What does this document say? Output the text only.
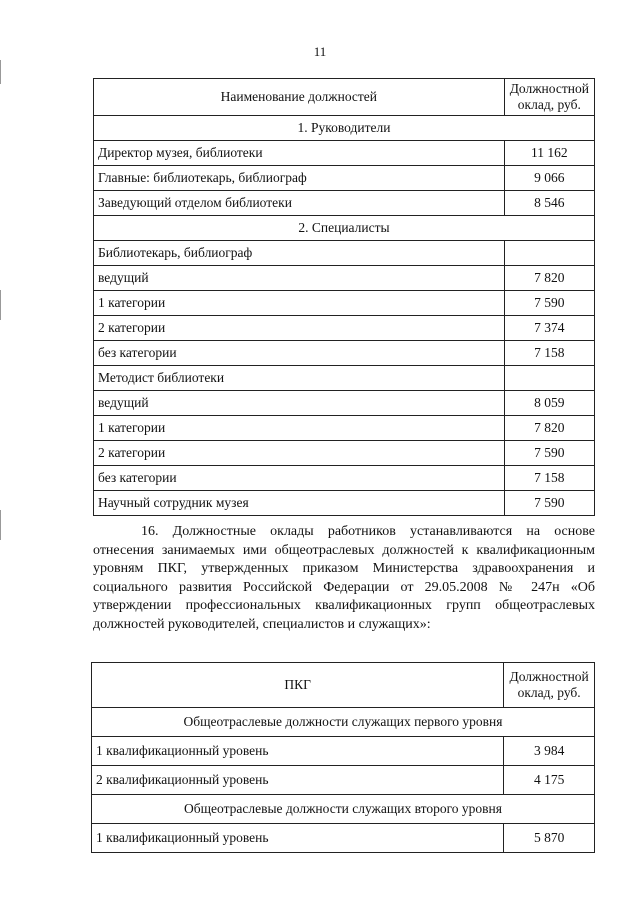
11
Наименование должностей	Должностной оклад, руб.
1. Руководители	
Директор музея, библиотеки	11 162
Главные: библиотекарь, библиограф	9 066
Заведующий отделом библиотеки	8 546
2. Специалисты	
Библиотекарь, библиограф	
ведущий	7 820
1 категории	7 590
2 категории	7 374
без категории	7 158
Методист библиотеки	
ведущий	8 059
1 категории	7 820
2 категории	7 590
без категории	7 158
Научный сотрудник музея	7 590

16. Должностные оклады работников устанавливаются на основе отнесения занимаемых ими общеотраслевых должностей к квалификационным уровням ПКГ, утвержденных приказом Министерства здравоохранения и социального развития Российской Федерации от 29.05.2008 № 247н «Об утверждении профессиональных квалификационных групп общеотраслевых должностей руководителей, специалистов и служащих»:

ПКГ	Должностной оклад, руб.
Общеотраслевые должности служащих первого уровня	
1 квалификационный уровень	3 984
2 квалификационный уровень	4 175
Общеотраслевые должности служащих второго уровня	
1 квалификационный уровень	5 870
